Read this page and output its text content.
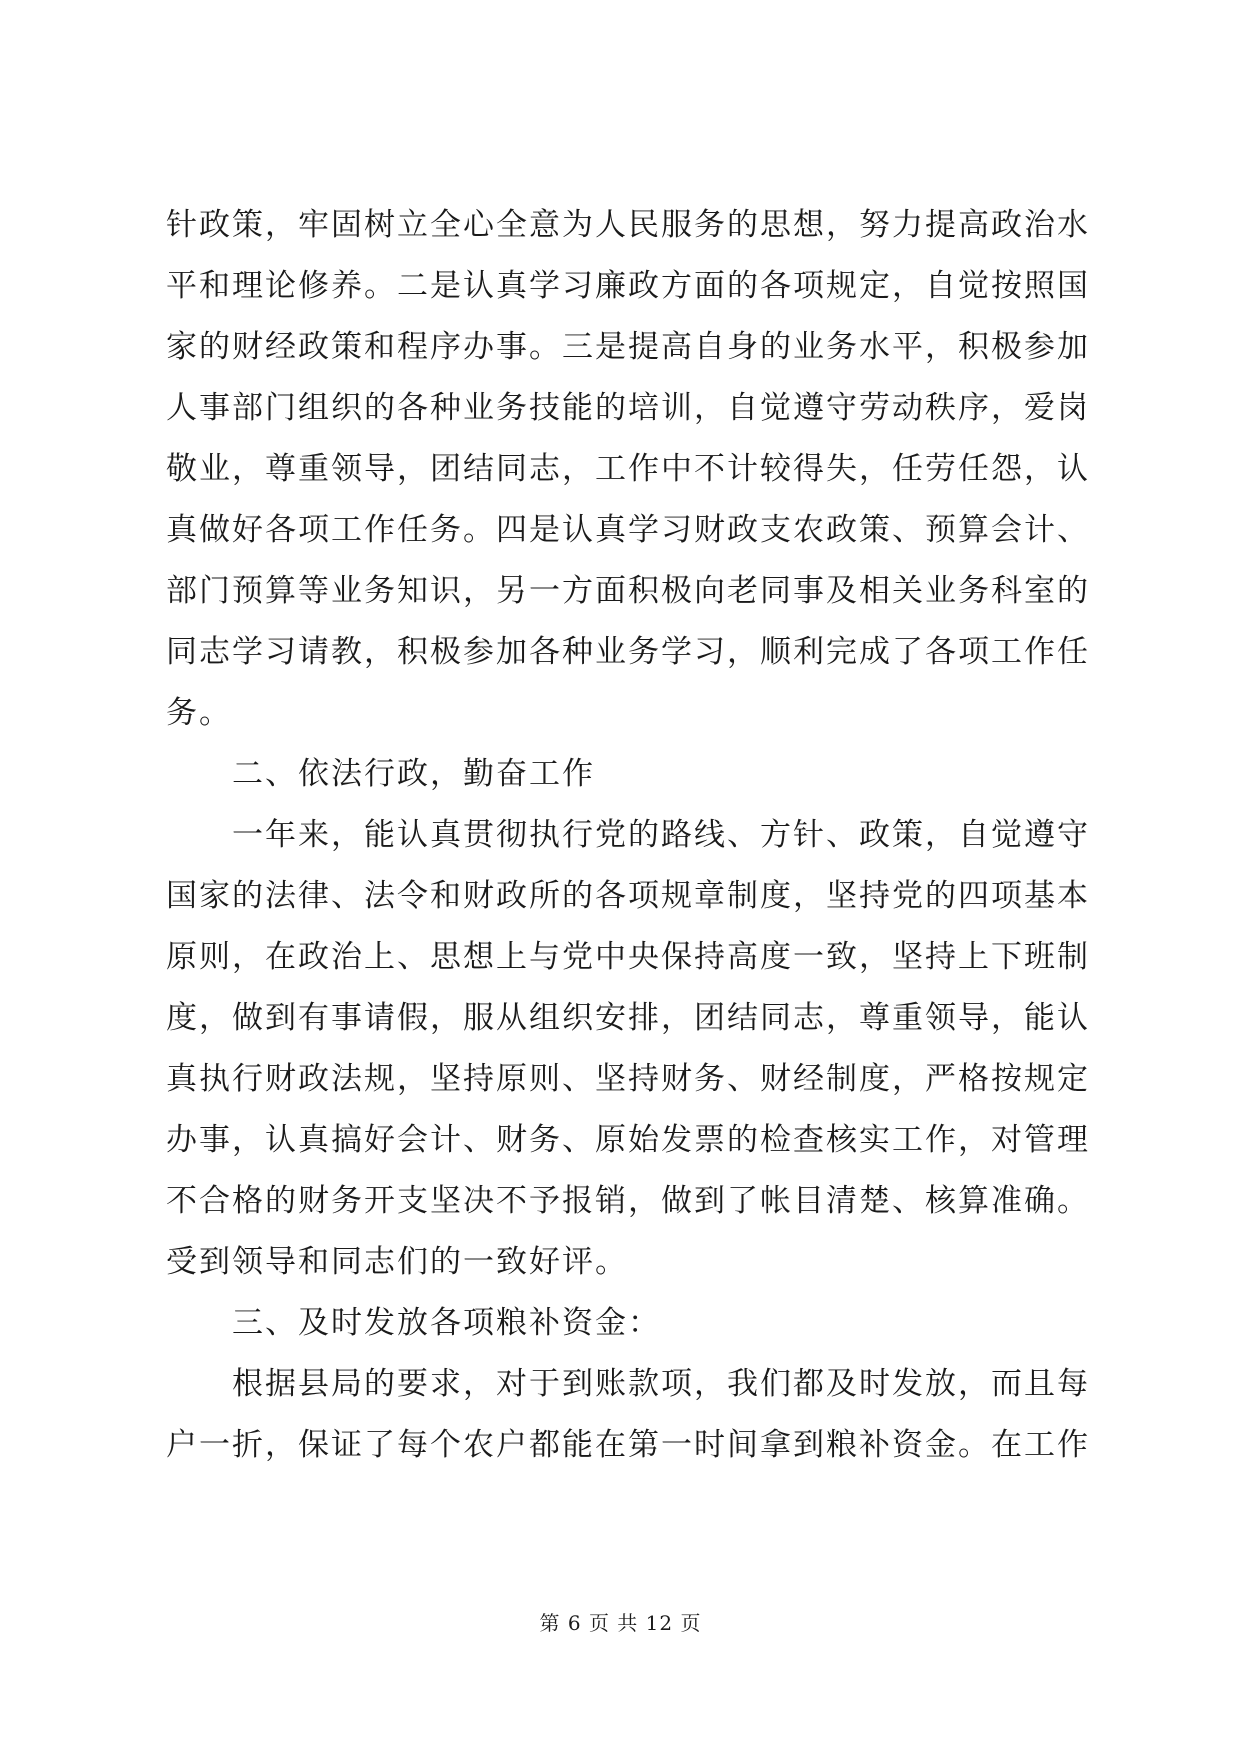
针政策，牢固树立全心全意为人民服务的思想，努力提高政治水
平和理论修养。二是认真学习廉政方面的各项规定，自觉按照国
家的财经政策和程序办事。三是提高自身的业务水平，积极参加
人事部门组织的各种业务技能的培训，自觉遵守劳动秩序，爱岗
敬业，尊重领导，团结同志，工作中不计较得失，任劳任怨，认
真做好各项工作任务。四是认真学习财政支农政策、预算会计、
部门预算等业务知识，另一方面积极向老同事及相关业务科室的
同志学习请教，积极参加各种业务学习，顺利完成了各项工作任
务。
二、依法行政，勤奋工作
一年来，能认真贯彻执行党的路线、方针、政策，自觉遵守
国家的法律、法令和财政所的各项规章制度，坚持党的四项基本
原则，在政治上、思想上与党中央保持高度一致，坚持上下班制
度，做到有事请假，服从组织安排，团结同志，尊重领导，能认
真执行财政法规，坚持原则、坚持财务、财经制度，严格按规定
办事，认真搞好会计、财务、原始发票的检查核实工作，对管理
不合格的财务开支坚决不予报销，做到了帐目清楚、核算准确。
受到领导和同志们的一致好评。
三、及时发放各项粮补资金：
根据县局的要求，对于到账款项，我们都及时发放，而且每
户一折，保证了每个农户都能在第一时间拿到粮补资金。在工作
第 6 页 共 12 页
